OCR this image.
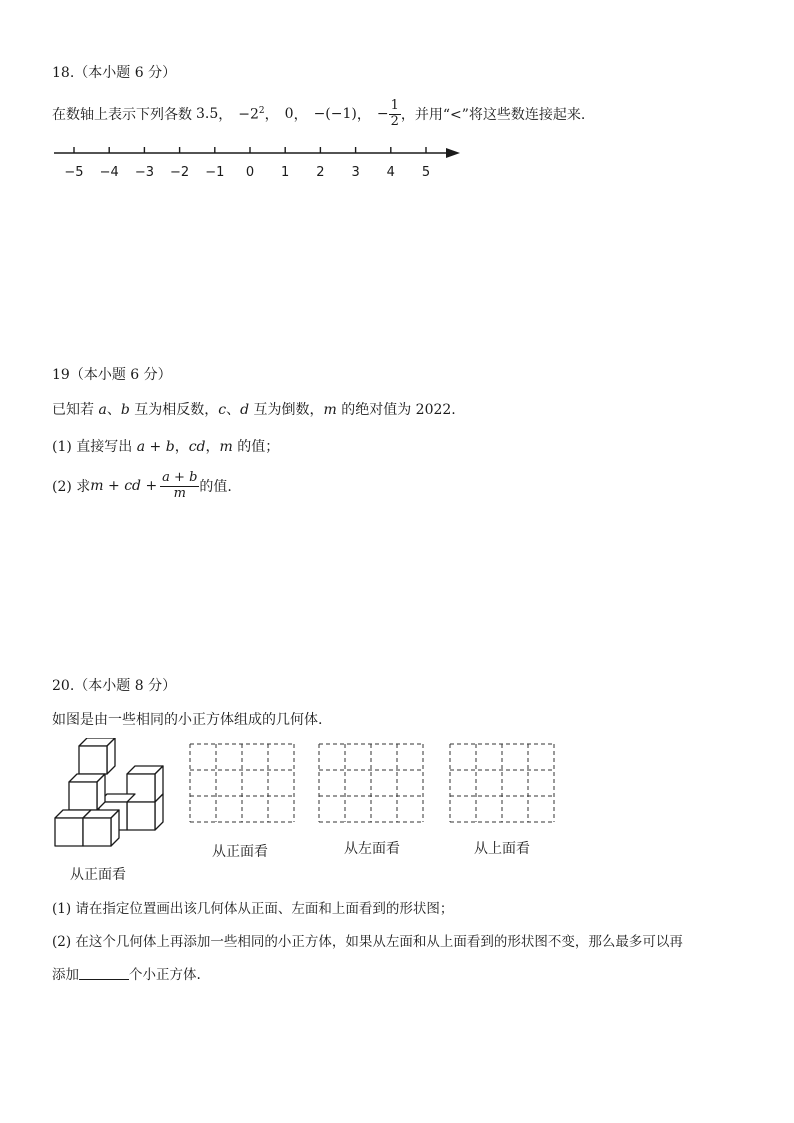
18.（本小题 6 分）
在数轴上表示下列各数 3.5 ， $-2^2$ ， 0 ， −(−1) ， − $\frac{1}{2}$ ，并用“<”将这些数连接起来.
−5 −4 −3 −2 −1 0 1 2 3 4 5
19（本小题 6 分）
已知若 a、b 互为相反数，c、d 互为倒数，m 的绝对值为 2022.
(1) 直接写出 a + b，cd，m 的值；
(2) 求 m + cd + $\frac{a + b}{m}$ 的值.
20.（本小题 8 分）
如图是由一些相同的小正方体组成的几何体.
从正面看	从左面看	从上面看
从正面看
(1) 请在指定位置画出该几何体从正面、左面和上面看到的形状图；
(2) 在这个几何体上再添加一些相同的小正方体，如果从左面和从上面看到的形状图不变，那么最多可以再
添加	个小正方体.
